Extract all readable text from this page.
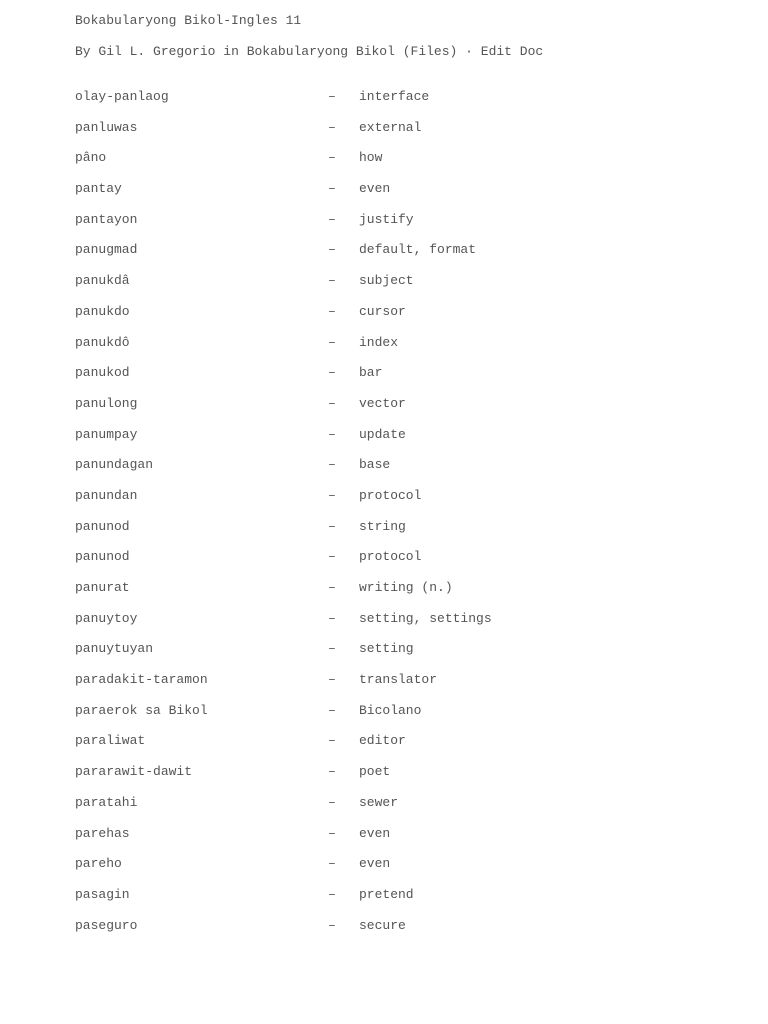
Bokabularyong Bikol-Ingles 11
By Gil L. Gregorio in Bokabularyong Bikol (Files) · Edit Doc
olay-panlaog	– interface
panluwas	– external
pâno	– how
pantay	– even
pantayon	– justify
panugmad	– default, format
panukdâ	– subject
panukdo	– cursor
panukdô	– index
panukod	– bar
panulong	– vector
panumpay	– update
panundagan	– base
panundan	– protocol
panunod	– string
panunod	– protocol
panurat	– writing (n.)
panuytoy	– setting, settings
panuytuyan	– setting
paradakit-taramon	– translator
paraerok sa Bikol	– Bicolano
paraliwat	– editor
pararawit-dawit	– poet
paratahi	– sewer
parehas	– even
pareho	– even
pasagin	– pretend
paseguro	– secure
